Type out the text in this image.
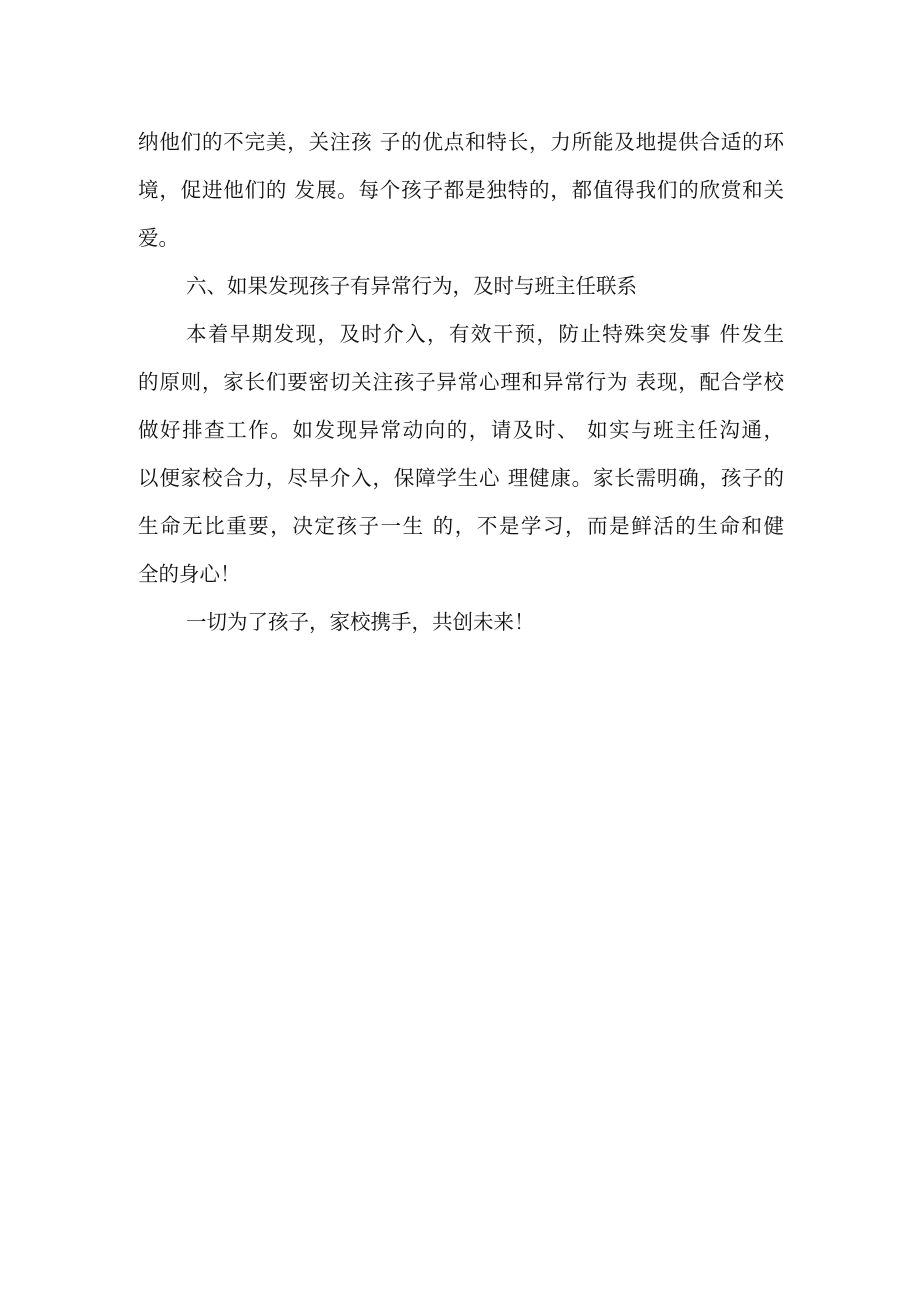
纳他们的不完美，关注孩 子的优点和特长，力所能及地提供合适的环
境，促进他们的 发展。每个孩子都是独特的，都值得我们的欣赏和关
爱。
六、如果发现孩子有异常行为，及时与班主任联系
本着早期发现，及时介入，有效干预，防止特殊突发事 件发生
的原则，家长们要密切关注孩子异常心理和异常行为 表现，配合学校
做好排查工作。如发现异常动向的，请及时、 如实与班主任沟通，
以便家校合力，尽早介入，保障学生心 理健康。家长需明确，孩子的
生命无比重要，决定孩子一生 的，不是学习，而是鲜活的生命和健
全的身心！
一切为了孩子，家校携手，共创未来！
